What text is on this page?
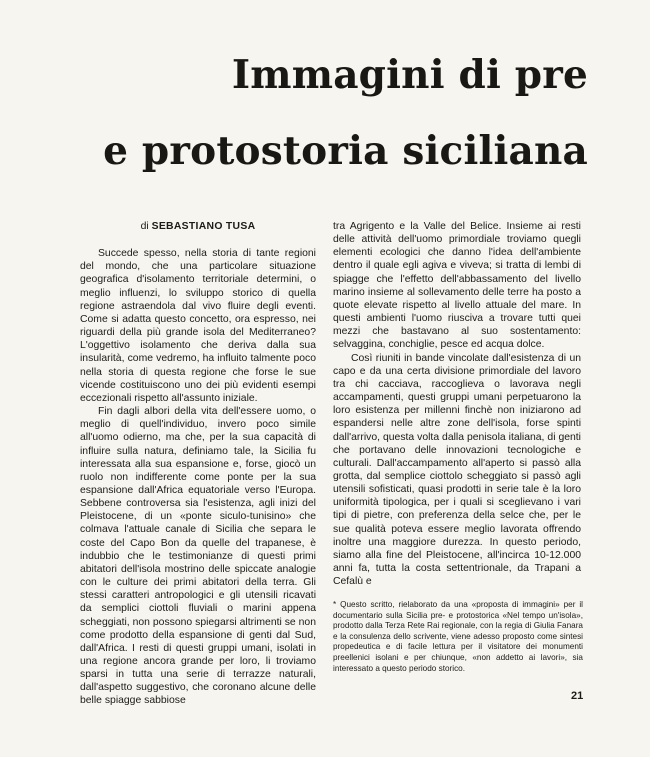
Immagini di pre
e protostoria siciliana

di SEBASTIANO TUSA

Succede spesso, nella storia di tante regioni del mondo, che una particolare situazione geografica d'isolamento territoriale determini, o meglio influenzi, lo sviluppo storico di quella regione astraendola dal vivo fluire degli eventi. Come si adatta questo concetto, ora espresso, nei riguardi della più grande isola del Mediterraneo? L'oggettivo isolamento che deriva dalla sua insularità, come vedremo, ha influito talmente poco nella storia di questa regione che forse le sue vicende costituiscono uno dei più evidenti esempi eccezionali rispetto all'assunto iniziale.

Fin dagli albori della vita dell'essere uomo, o meglio di quell'individuo, invero poco simile all'uomo odierno, ma che, per la sua capacità di influire sulla natura, definiamo tale, la Sicilia fu interessata alla sua espansione e, forse, giocò un ruolo non indifferente come ponte per la sua espansione dall'Africa equatoriale verso l'Europa. Sebbene controversa sia l'esistenza, agli inizi del Pleistocene, di un «ponte siculo-tunisino» che colmava l'attuale canale di Sicilia che separa le coste del Capo Bon da quelle del trapanese, è indubbio che le testimonianze di questi primi abitatori dell'isola mostrino delle spiccate analogie con le culture dei primi abitatori della terra. Gli stessi caratteri antropologici e gli utensili ricavati da semplici ciottoli fluviali o marini appena scheggiati, non possono spiegarsi altrimenti se non come prodotto della espansione di genti dal Sud, dall'Africa. I resti di questi gruppi umani, isolati in una regione ancora grande per loro, li troviamo sparsi in tutta una serie di terrazze naturali, dall'aspetto suggestivo, che coronano alcune delle belle spiagge sabbiose

tra Agrigento e la Valle del Belice. Insieme ai resti delle attività dell'uomo primordiale troviamo quegli elementi ecologici che danno l'idea dell'ambiente dentro il quale egli agiva e viveva; si tratta di lembi di spiagge che l'effetto dell'abbassamento del livello marino insieme al sollevamento delle terre ha posto a quote elevate rispetto al livello attuale del mare. In questi ambienti l'uomo riusciva a trovare tutti quei mezzi che bastavano al suo sostentamento: selvaggina, conchiglie, pesce ed acqua dolce.

Così riuniti in bande vincolate dall'esistenza di un capo e da una certa divisione primordiale del lavoro tra chi cacciava, raccoglieva o lavorava negli accampamenti, questi gruppi umani perpetuarono la loro esistenza per millenni finchè non iniziarono ad espandersi nelle altre zone dell'isola, forse spinti dall'arrivo, questa volta dalla penisola italiana, di genti che portavano delle innovazioni tecnologiche e culturali. Dall'accampamento all'aperto si passò alla grotta, dal semplice ciottolo scheggiato si passò agli utensili sofisticati, quasi prodotti in serie tale è la loro uniformità tipologica, per i quali si sceglievano i vari tipi di pietre, con preferenza della selce che, per le sue qualità poteva essere meglio lavorata offrendo inoltre una maggiore durezza. In questo periodo, siamo alla fine del Pleistocene, all'incirca 10-12.000 anni fa, tutta la costa settentrionale, da Trapani a Cefalù e

* Questo scritto, rielaborato da una «proposta di immagini» per il documentario sulla Sicilia pre- e protostorica «Nel tempo un'isola», prodotto dalla Terza Rete Rai regionale, con la regia di Giulia Fanara e la consulenza dello scrivente, viene adesso proposto come sintesi propedeutica e di facile lettura per il visitatore dei monumenti preellenici isolani e per chiunque, «non addetto ai lavori», sia interessato a questo periodo storico.

21
